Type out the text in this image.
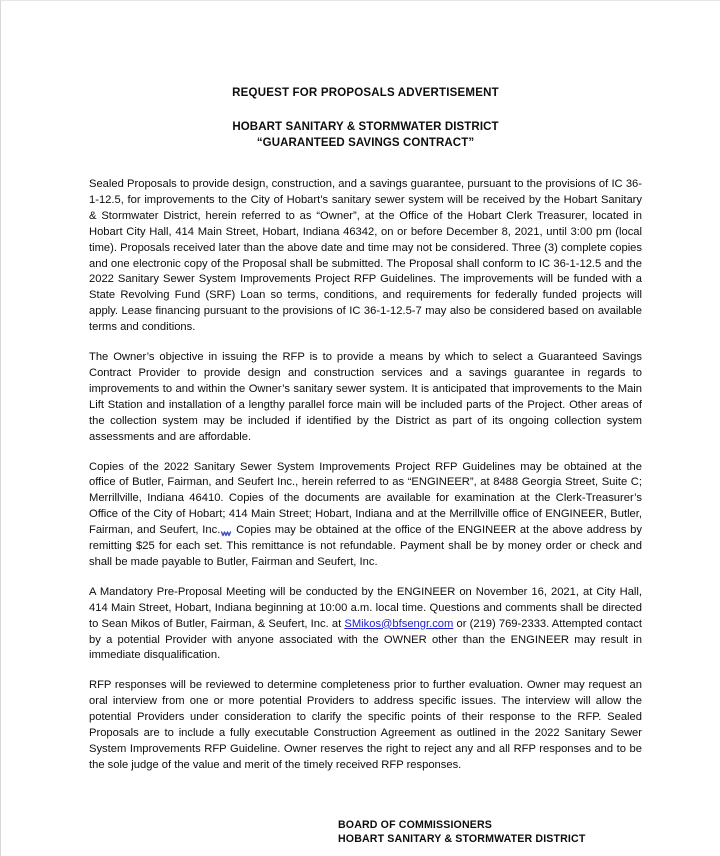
REQUEST FOR PROPOSALS ADVERTISEMENT
HOBART SANITARY & STORMWATER DISTRICT
“GUARANTEED SAVINGS CONTRACT”

Sealed Proposals to provide design, construction, and a savings guarantee, pursuant to the provisions of IC 36-1-12.5, for improvements to the City of Hobart’s sanitary sewer system will be received by the Hobart Sanitary & Stormwater District, herein referred to as “Owner”, at the Office of the Hobart Clerk Treasurer, located in Hobart City Hall, 414 Main Street, Hobart, Indiana 46342, on or before December 8, 2021, until 3:00 pm (local time). Proposals received later than the above date and time may not be considered. Three (3) complete copies and one electronic copy of the Proposal shall be submitted. The Proposal shall conform to IC 36-1-12.5 and the 2022 Sanitary Sewer System Improvements Project RFP Guidelines. The improvements will be funded with a State Revolving Fund (SRF) Loan so terms, conditions, and requirements for federally funded projects will apply. Lease financing pursuant to the provisions of IC 36-1-12.5-7 may also be considered based on available terms and conditions.

The Owner’s objective in issuing the RFP is to provide a means by which to select a Guaranteed Savings Contract Provider to provide design and construction services and a savings guarantee in regards to improvements to and within the Owner’s sanitary sewer system. It is anticipated that improvements to the Main Lift Station and installation of a lengthy parallel force main will be included parts of the Project. Other areas of the collection system may be included if identified by the District as part of its ongoing collection system assessments and are affordable.

Copies of the 2022 Sanitary Sewer System Improvements Project RFP Guidelines may be obtained at the office of Butler, Fairman, and Seufert Inc., herein referred to as “ENGINEER”, at 8488 Georgia Street, Suite C; Merrillville, Indiana 46410. Copies of the documents are available for examination at the Clerk-Treasurer’s Office of the City of Hobart; 414 Main Street; Hobart, Indiana and at the Merrillville office of ENGINEER, Butler, Fairman, and Seufert, Inc. Copies may be obtained at the office of the ENGINEER at the above address by remitting $25 for each set. This remittance is not refundable. Payment shall be by money order or check and shall be made payable to Butler, Fairman and Seufert, Inc.

A Mandatory Pre-Proposal Meeting will be conducted by the ENGINEER on November 16, 2021, at City Hall, 414 Main Street, Hobart, Indiana beginning at 10:00 a.m. local time. Questions and comments shall be directed to Sean Mikos of Butler, Fairman, & Seufert, Inc. at SMikos@bfsengr.com or (219) 769-2333. Attempted contact by a potential Provider with anyone associated with the OWNER other than the ENGINEER may result in immediate disqualification.

RFP responses will be reviewed to determine completeness prior to further evaluation. Owner may request an oral interview from one or more potential Providers to address specific issues. The interview will allow the potential Providers under consideration to clarify the specific points of their response to the RFP. Sealed Proposals are to include a fully executable Construction Agreement as outlined in the 2022 Sanitary Sewer System Improvements RFP Guideline. Owner reserves the right to reject any and all RFP responses and to be the sole judge of the value and merit of the timely received RFP responses.

BOARD OF COMMISSIONERS

HOBART SANITARY & STORMWATER DISTRICT
